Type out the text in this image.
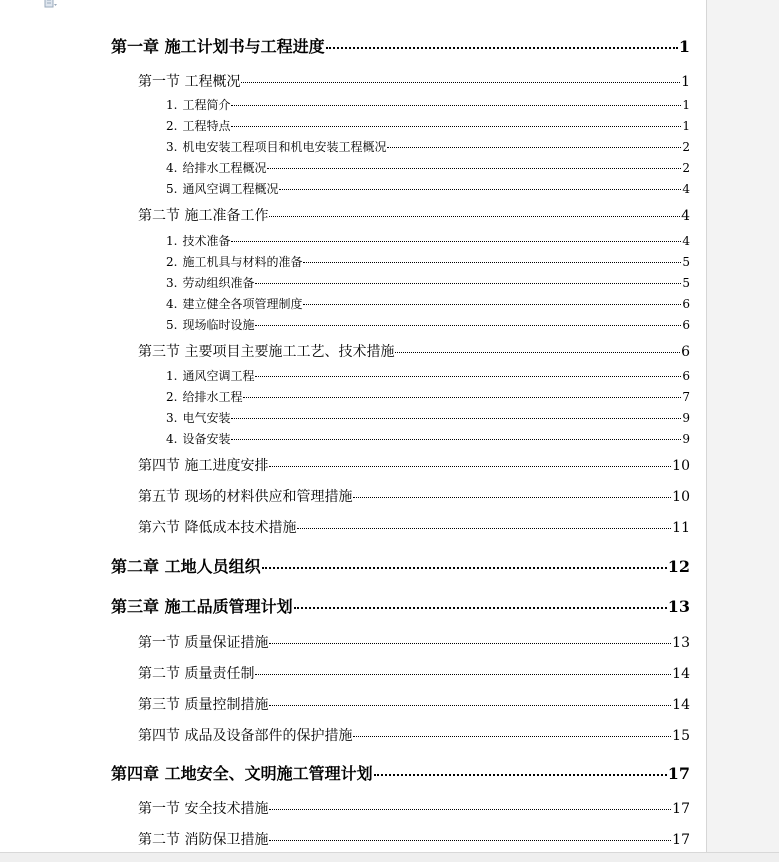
第一章 施工计划书与工程进度	1
第一节 工程概况	1
1. 工程简介	1
2. 工程特点	1
3. 机电安装工程项目和机电安装工程概况	2
4. 给排水工程概况	2
5. 通风空调工程概况	4
第二节 施工准备工作	4
1. 技术准备	4
2. 施工机具与材料的准备	5
3. 劳动组织准备	5
4. 建立健全各项管理制度	6
5. 现场临时设施	6
第三节 主要项目主要施工工艺、技术措施	6
1. 通风空调工程	6
2. 给排水工程	7
3. 电气安装	9
4. 设备安装	9
第四节 施工进度安排	10
第五节 现场的材料供应和管理措施	10
第六节 降低成本技术措施	11
第二章 工地人员组织	12
第三章 施工品质管理计划	13
第一节 质量保证措施	13
第二节 质量责任制	14
第三节 质量控制措施	14
第四节 成品及设备部件的保护措施	15
第四章 工地安全、文明施工管理计划	17
第一节 安全技术措施	17
第二节 消防保卫措施	17
